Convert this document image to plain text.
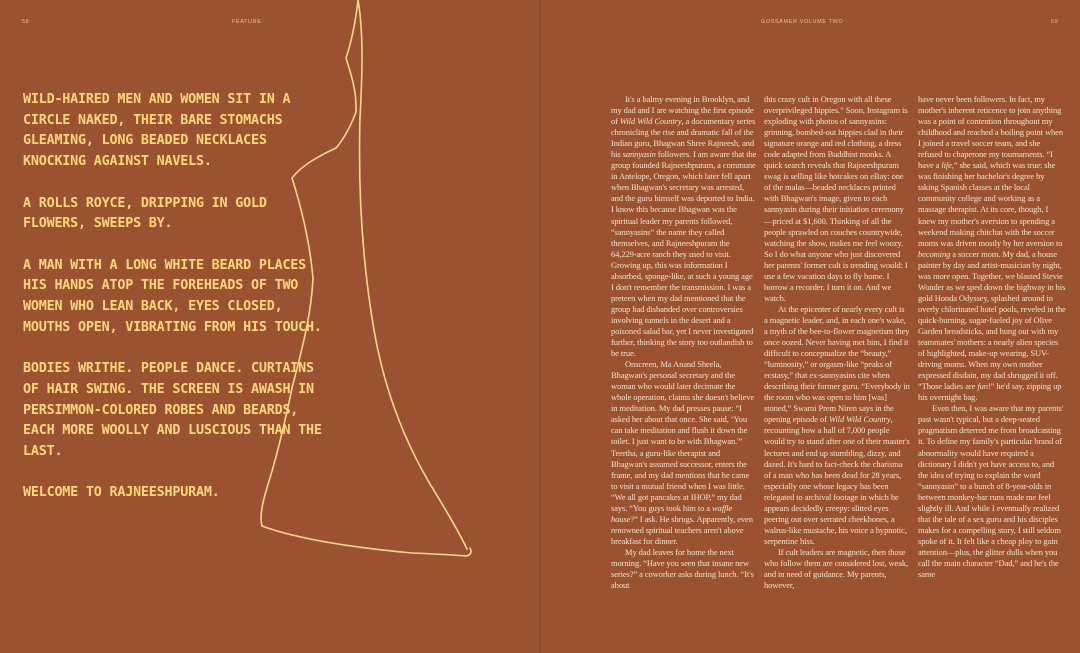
58	FEATURE	GOSSAMER VOLUME TWO	59

WILD-HAIRED MEN AND WOMEN SIT IN A CIRCLE NAKED, THEIR BARE STOMACHS GLEAMING, LONG BEADED NECKLACES KNOCKING AGAINST NAVELS.

A ROLLS ROYCE, DRIPPING IN GOLD FLOWERS, SWEEPS BY.

A MAN WITH A LONG WHITE BEARD PLACES HIS HANDS ATOP THE FOREHEADS OF TWO WOMEN WHO LEAN BACK, EYES CLOSED, MOUTHS OPEN, VIBRATING FROM HIS TOUCH.

BODIES WRITHE. PEOPLE DANCE. CURTAINS OF HAIR SWING. THE SCREEN IS AWASH IN PERSIMMON-COLORED ROBES AND BEARDS, EACH MORE WOOLLY AND LUSCIOUS THAN THE LAST.

WELCOME TO RAJNEESHPURAM.

It's a balmy evening in Brooklyn, and my dad and I are watching the first episode of Wild Wild Country, a documentary series chronicling the rise and dramatic fall of the Indian guru, Bhagwan Shree Rajneesh, and his sannyasin followers. I am aware that the group founded Rajneeshpuram, a commune in Antelope, Oregon, which later fell apart when Bhagwan's secretary was arrested, and the guru himself was deported to India. I know this because Bhagwan was the spiritual leader my parents followed, “sannyasins” the name they called themselves, and Rajneeshpuram the 64,229-acre ranch they used to visit. Growing up, this was information I absorbed, sponge-like, at such a young age I don't remember the transmission. I was a preteen when my dad mentioned that the group had disbanded over controversies involving tunnels in the desert and a poisoned salad bar, yet I never investigated further, thinking the story too outlandish to be true.

Onscreen, Ma Anand Sheela, Bhagwan's personal secretary and the woman who would later decimate the whole operation, claims she doesn't believe in meditation. My dad presses pause: “I asked her about that once. She said, ‘You can take meditation and flush it down the toilet. I just want to be with Bhagwan.'” Teertha, a guru-like therapist and Bhagwan's assumed successor, enters the frame, and my dad mentions that he came to visit a mutual friend when I was little. “We all got pancakes at IHOP,” my dad says. “You guys took him to a waffle house?” I ask. He shrugs. Apparently, even renowned spiritual teachers aren't above breakfast for dinner.

My dad leaves for home the next morning. “Have you seen that insane new series?” a coworker asks during lunch. “It's about

this crazy cult in Oregon with all these overprivileged hippies.” Soon, Instagram is exploding with photos of sannyasins: grinning, bombed-out hippies clad in their signature orange and red clothing, a dress code adapted from Buddhist monks. A quick search reveals that Rajneeshpuram swag is selling like hotcakes on eBay: one of the malas—beaded necklaces printed with Bhagwan's image, given to each sannyasin during their initiation ceremony—priced at $1,600. Thinking of all the people sprawled on couches countrywide, watching the show, makes me feel woozy. So I do what anyone who just discovered her parents' former cult is trending would: I use a few vacation days to fly home. I borrow a recorder. I turn it on. And we watch.

At the epicenter of nearly every cult is a magnetic leader, and, in each one's wake, a myth of the bee-to-flower magnetism they once oozed. Never having met him, I find it difficult to conceptualize the “beauty,” “luminosity,” or orgasm-like “peaks of ecstasy,” that ex-sannyasins cite when describing their former guru. “Everybody in the room who was open to him [was] stoned,” Swami Prem Niren says in the opening episode of Wild Wild Country, recounting how a hall of 7,000 people would try to stand after one of their master's lectures and end up stumbling, dizzy, and dazed. It's hard to fact-check the charisma of a man who has been dead for 28 years, especially one whose legacy has been relegated to archival footage in which he appears decidedly creepy: slitted eyes peering out over serrated cheekbones, a walrus-like mustache, his voice a hypnotic, serpentine hiss.

If cult leaders are magnetic, then those who follow them are considered lost, weak, and in need of guidance. My parents, however,

have never been followers. In fact, my mother's inherent reticence to join anything was a point of contention throughout my childhood and reached a boiling point when I joined a travel soccer team, and she refused to chaperone my tournaments. “I have a life,” she said, which was true: she was finishing her bachelor's degree by taking Spanish classes at the local community college and working as a massage therapist. At its core, though, I knew my mother's aversion to spending a weekend making chitchat with the soccer moms was driven mostly by her aversion to becoming a soccer mom. My dad, a house painter by day and artist-musician by night, was more open. Together, we blasted Stevie Wonder as we sped down the highway in his gold Honda Odyssey, splashed around in overly chlorinated hotel pools, reveled in the quick-burning, sugar-fueled joy of Olive Garden breadsticks, and hung out with my teammates' mothers: a nearly alien species of highlighted, make-up wearing, SUV-driving moms. When my own mother expressed disdain, my dad shrugged it off. “Those ladies are fun!” he'd say, zipping up his overnight bag.

Even then, I was aware that my parents' past wasn't typical, but a deep-seated pragmatism deterred me from broadcasting it. To define my family's particular brand of abnormality would have required a dictionary I didn't yet have access to, and the idea of trying to explain the word “sannyasin” to a bunch of 8-year-olds in between monkey-bar runs made me feel slightly ill. And while I eventually realized that the tale of a sex guru and his disciples makes for a compelling story, I still seldom spoke of it. It felt like a cheap ploy to gain attention—plus, the glitter dulls when you call the main character “Dad,” and he's the same
